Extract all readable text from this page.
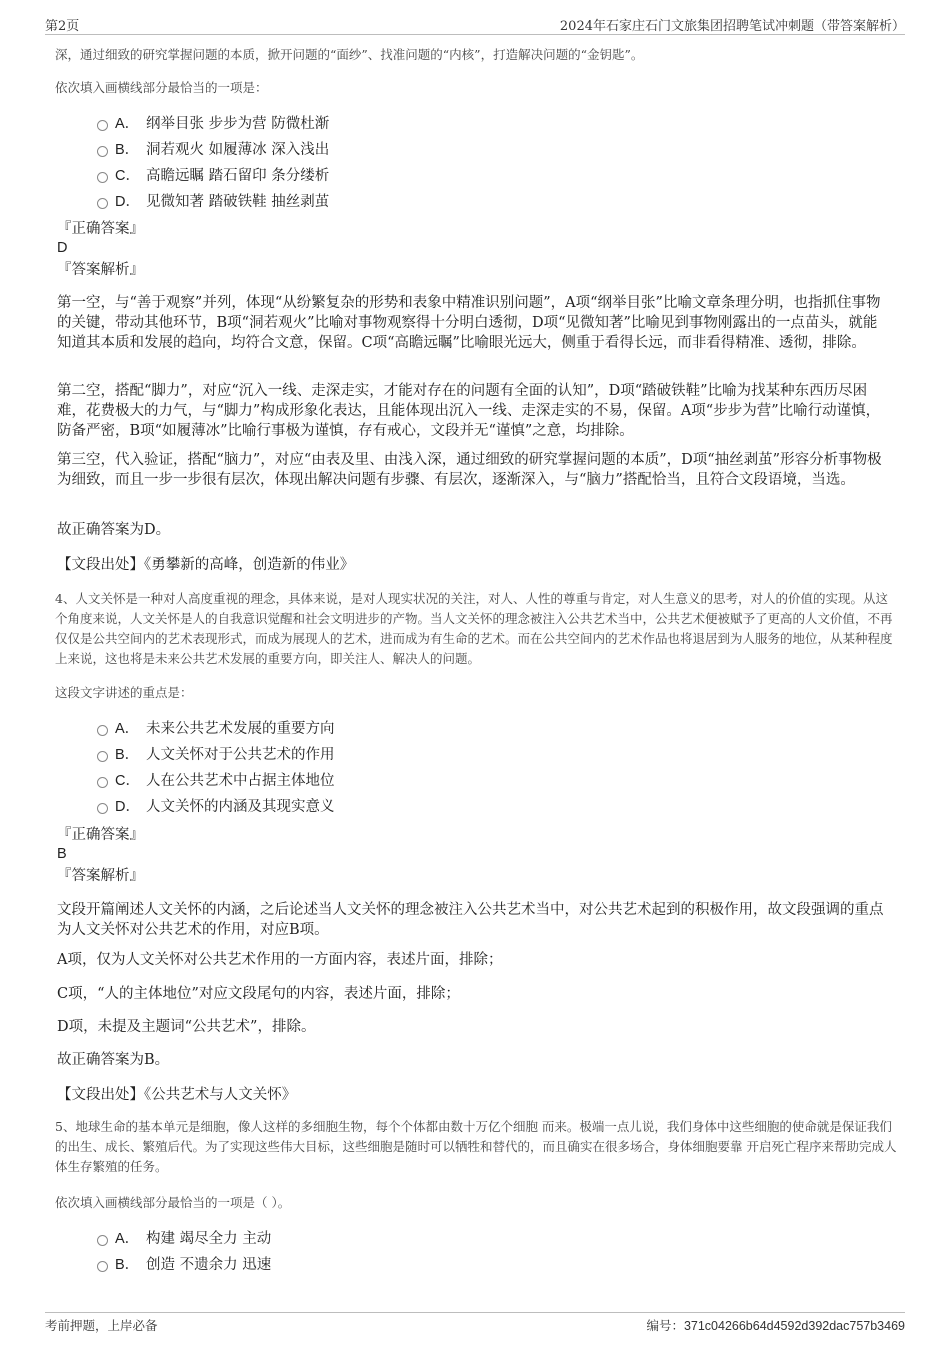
第2页	2024年石家庄石门文旅集团招聘笔试冲刺题（带答案解析）
深，通过细致的研究掌握问题的本质，掀开问题的“面纱”、找准问题的“内核”，打造解决问题的“金钥匙”。
依次填入画横线部分最恰当的一项是：
A． 纲举目张 步步为营 防微杜渐
B． 洞若观火 如履薄冰 深入浅出
C． 高瞻远瞩 踏石留印 条分缕析
D． 见微知著 踏破铁鞋 抽丝剥茧
『正确答案』
D
『答案解析』
第一空，与“善于观察”并列，体现“从纷繁复杂的形势和表象中精准识别问题”，A项“纲举目张”比喻文章条理分明，也指抓住事物的关键，带动其他环节，B项“洞若观火”比喻对事物观察得十分明白透彻，D项“见微知著”比喻见到事物刚露出的一点苗头，就能知道其本质和发展的趋向，均符合文意，保留。C项“高瞻远瞩”比喻眼光远大，侧重于看得长远，而非看得精准、透彻，排除。
第二空，搭配“脚力”，对应“沉入一线、走深走实，才能对存在的问题有全面的认知”，D项“踏破铁鞋”比喻为找某种东西历尽困难，花费极大的力气，与“脚力”构成形象化表达，且能体现出沉入一线、走深走实的不易，保留。A项“步步为营”比喻行动谨慎，防备严密，B项“如履薄冰”比喻行事极为谨慎，存有戒心，文段并无“谨慎”之意，均排除。
第三空，代入验证，搭配“脑力”，对应“由表及里、由浅入深，通过细致的研究掌握问题的本质”，D项“抽丝剥茧”形容分析事物极为细致，而且一步一步很有层次，体现出解决问题有步骤、有层次，逐渐深入，与“脑力”搭配恰当，且符合文段语境，当选。
故正确答案为D。
【文段出处】《勇攀新的高峰，创造新的伟业》
4、人文关怀是一种对人高度重视的理念，具体来说，是对人现实状况的关注，对人、人性的尊重与肯定，对人生意义的思考，对人的价值的实现。从这个角度来说，人文关怀是人的自我意识觉醒和社会文明进步的产物。当人文关怀的理念被注入公共艺术当中，公共艺术便被赋予了更高的人文价值，不再仅仅是公共空间内的艺术表现形式，而成为展现人的艺术，进而成为有生命的艺术。而在公共空间内的艺术作品也将退居到为人服务的地位，从某种程度上来说，这也将是未来公共艺术发展的重要方向，即关注人、解决人的问题。
这段文字讲述的重点是：
A． 未来公共艺术发展的重要方向
B． 人文关怀对于公共艺术的作用
C． 人在公共艺术中占据主体地位
D． 人文关怀的内涵及其现实意义
『正确答案』
B
『答案解析』
文段开篇阐述人文关怀的内涵，之后论述当人文关怀的理念被注入公共艺术当中，对公共艺术起到的积极作用，故文段强调的重点为人文关怀对公共艺术的作用，对应B项。
A项，仅为人文关怀对公共艺术作用的一方面内容，表述片面，排除；
C项，“人的主体地位”对应文段尾句的内容，表述片面，排除；
D项，未提及主题词“公共艺术”，排除。
故正确答案为B。
【文段出处】《公共艺术与人文关怀》
5、地球生命的基本单元是细胞，像人这样的多细胞生物，每个个体都由数十万亿个细胞 而来。极端一点儿说，我们身体中这些细胞的使命就是保证我们的出生、成长、繁殖后代。为了实现这些伟大目标，这些细胞是随时可以牺牲和替代的，而且确实在很多场合，身体细胞要靠 开启死亡程序来帮助完成人体生存繁殖的任务。
依次填入画横线部分最恰当的一项是（ ）。
A． 构建 竭尽全力 主动
B． 创造 不遗余力 迅速
考前押题，上岸必备	编号：371c04266b64d4592d392dac757b3469
